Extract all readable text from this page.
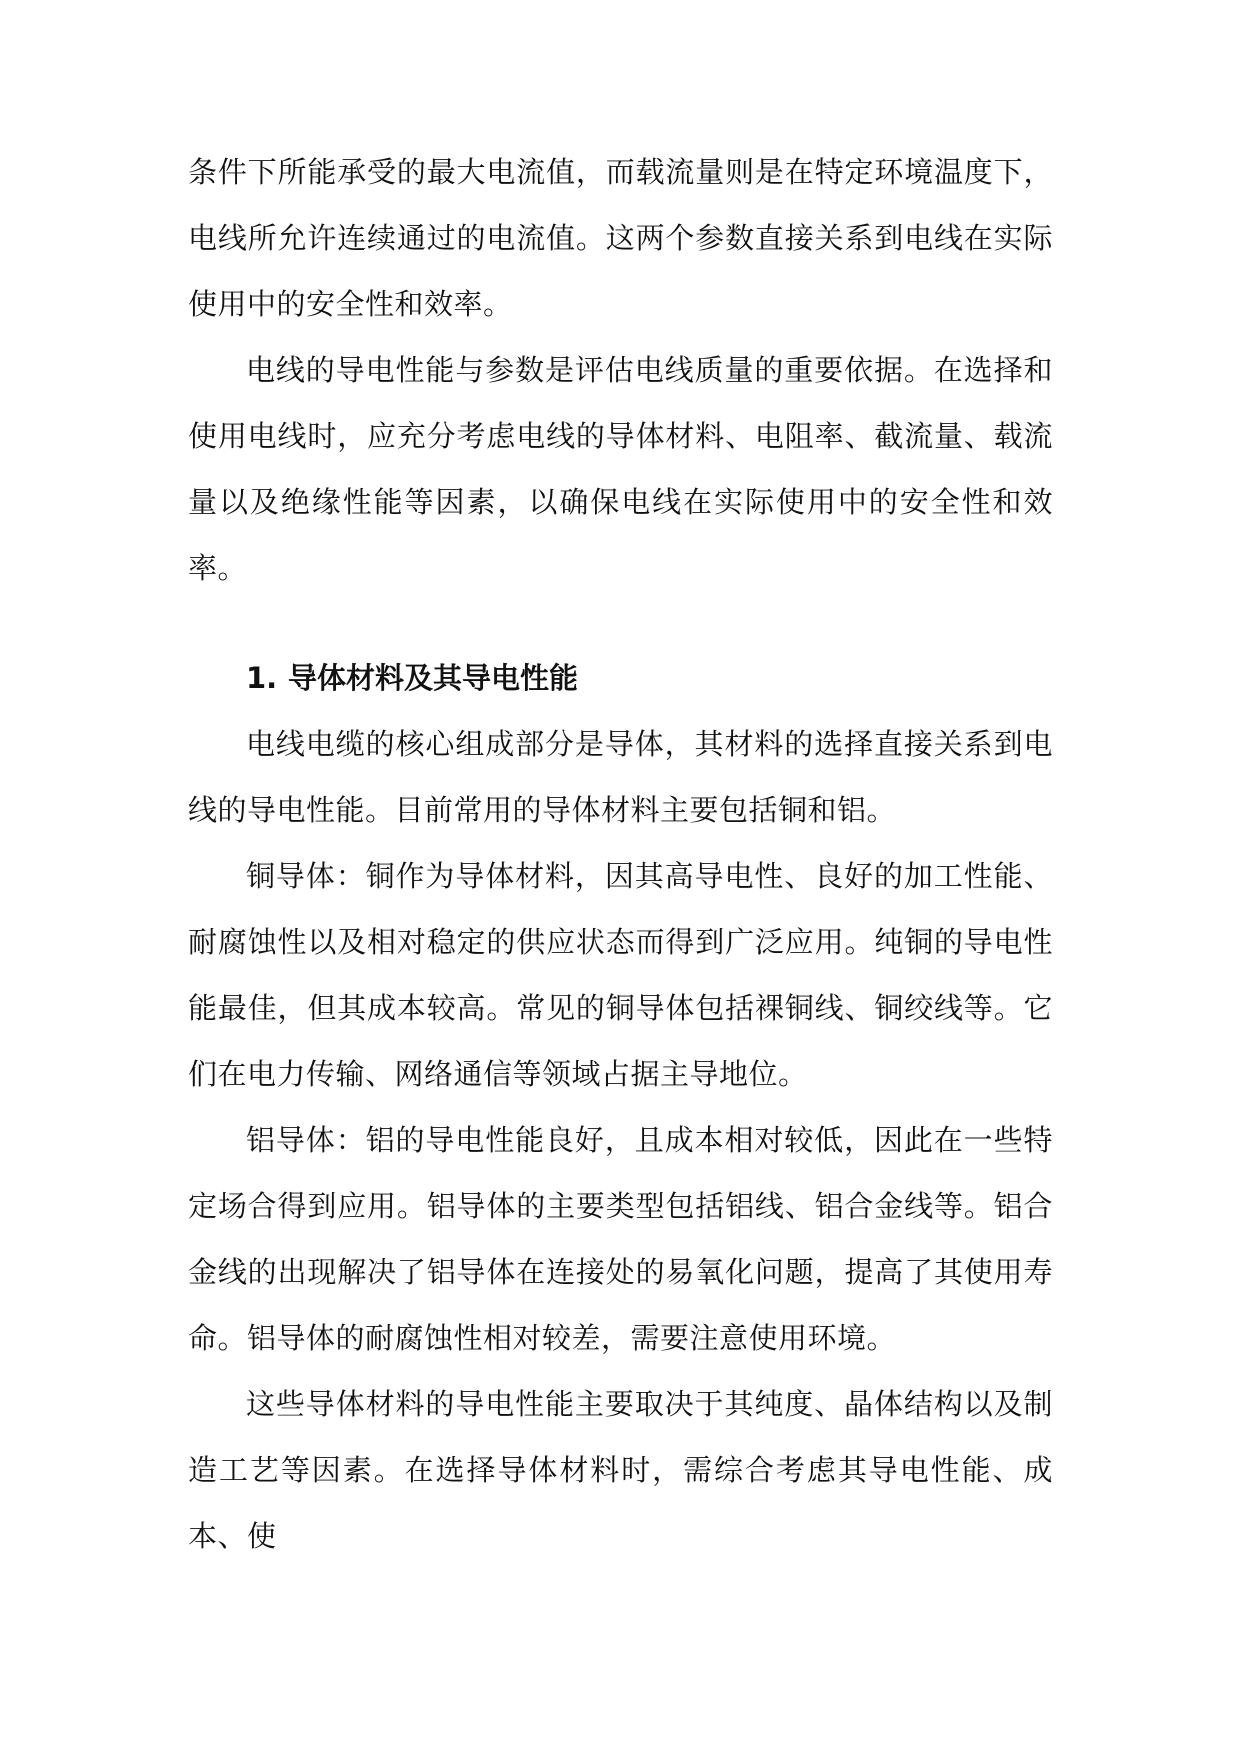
条件下所能承受的最大电流值，而载流量则是在特定环境温度下，电线所允许连续通过的电流值。这两个参数直接关系到电线在实际使用中的安全性和效率。

电线的导电性能与参数是评估电线质量的重要依据。在选择和使用电线时，应充分考虑电线的导体材料、电阻率、截流量、载流量以及绝缘性能等因素，以确保电线在实际使用中的安全性和效率。

1. 导体材料及其导电性能

电线电缆的核心组成部分是导体，其材料的选择直接关系到电线的导电性能。目前常用的导体材料主要包括铜和铝。

铜导体：铜作为导体材料，因其高导电性、良好的加工性能、耐腐蚀性以及相对稳定的供应状态而得到广泛应用。纯铜的导电性能最佳，但其成本较高。常见的铜导体包括裸铜线、铜绞线等。它们在电力传输、网络通信等领域占据主导地位。

铝导体：铝的导电性能良好，且成本相对较低，因此在一些特定场合得到应用。铝导体的主要类型包括铝线、铝合金线等。铝合金线的出现解决了铝导体在连接处的易氧化问题，提高了其使用寿命。铝导体的耐腐蚀性相对较差，需要注意使用环境。

这些导体材料的导电性能主要取决于其纯度、晶体结构以及制造工艺等因素。在选择导体材料时，需综合考虑其导电性能、成本、使
